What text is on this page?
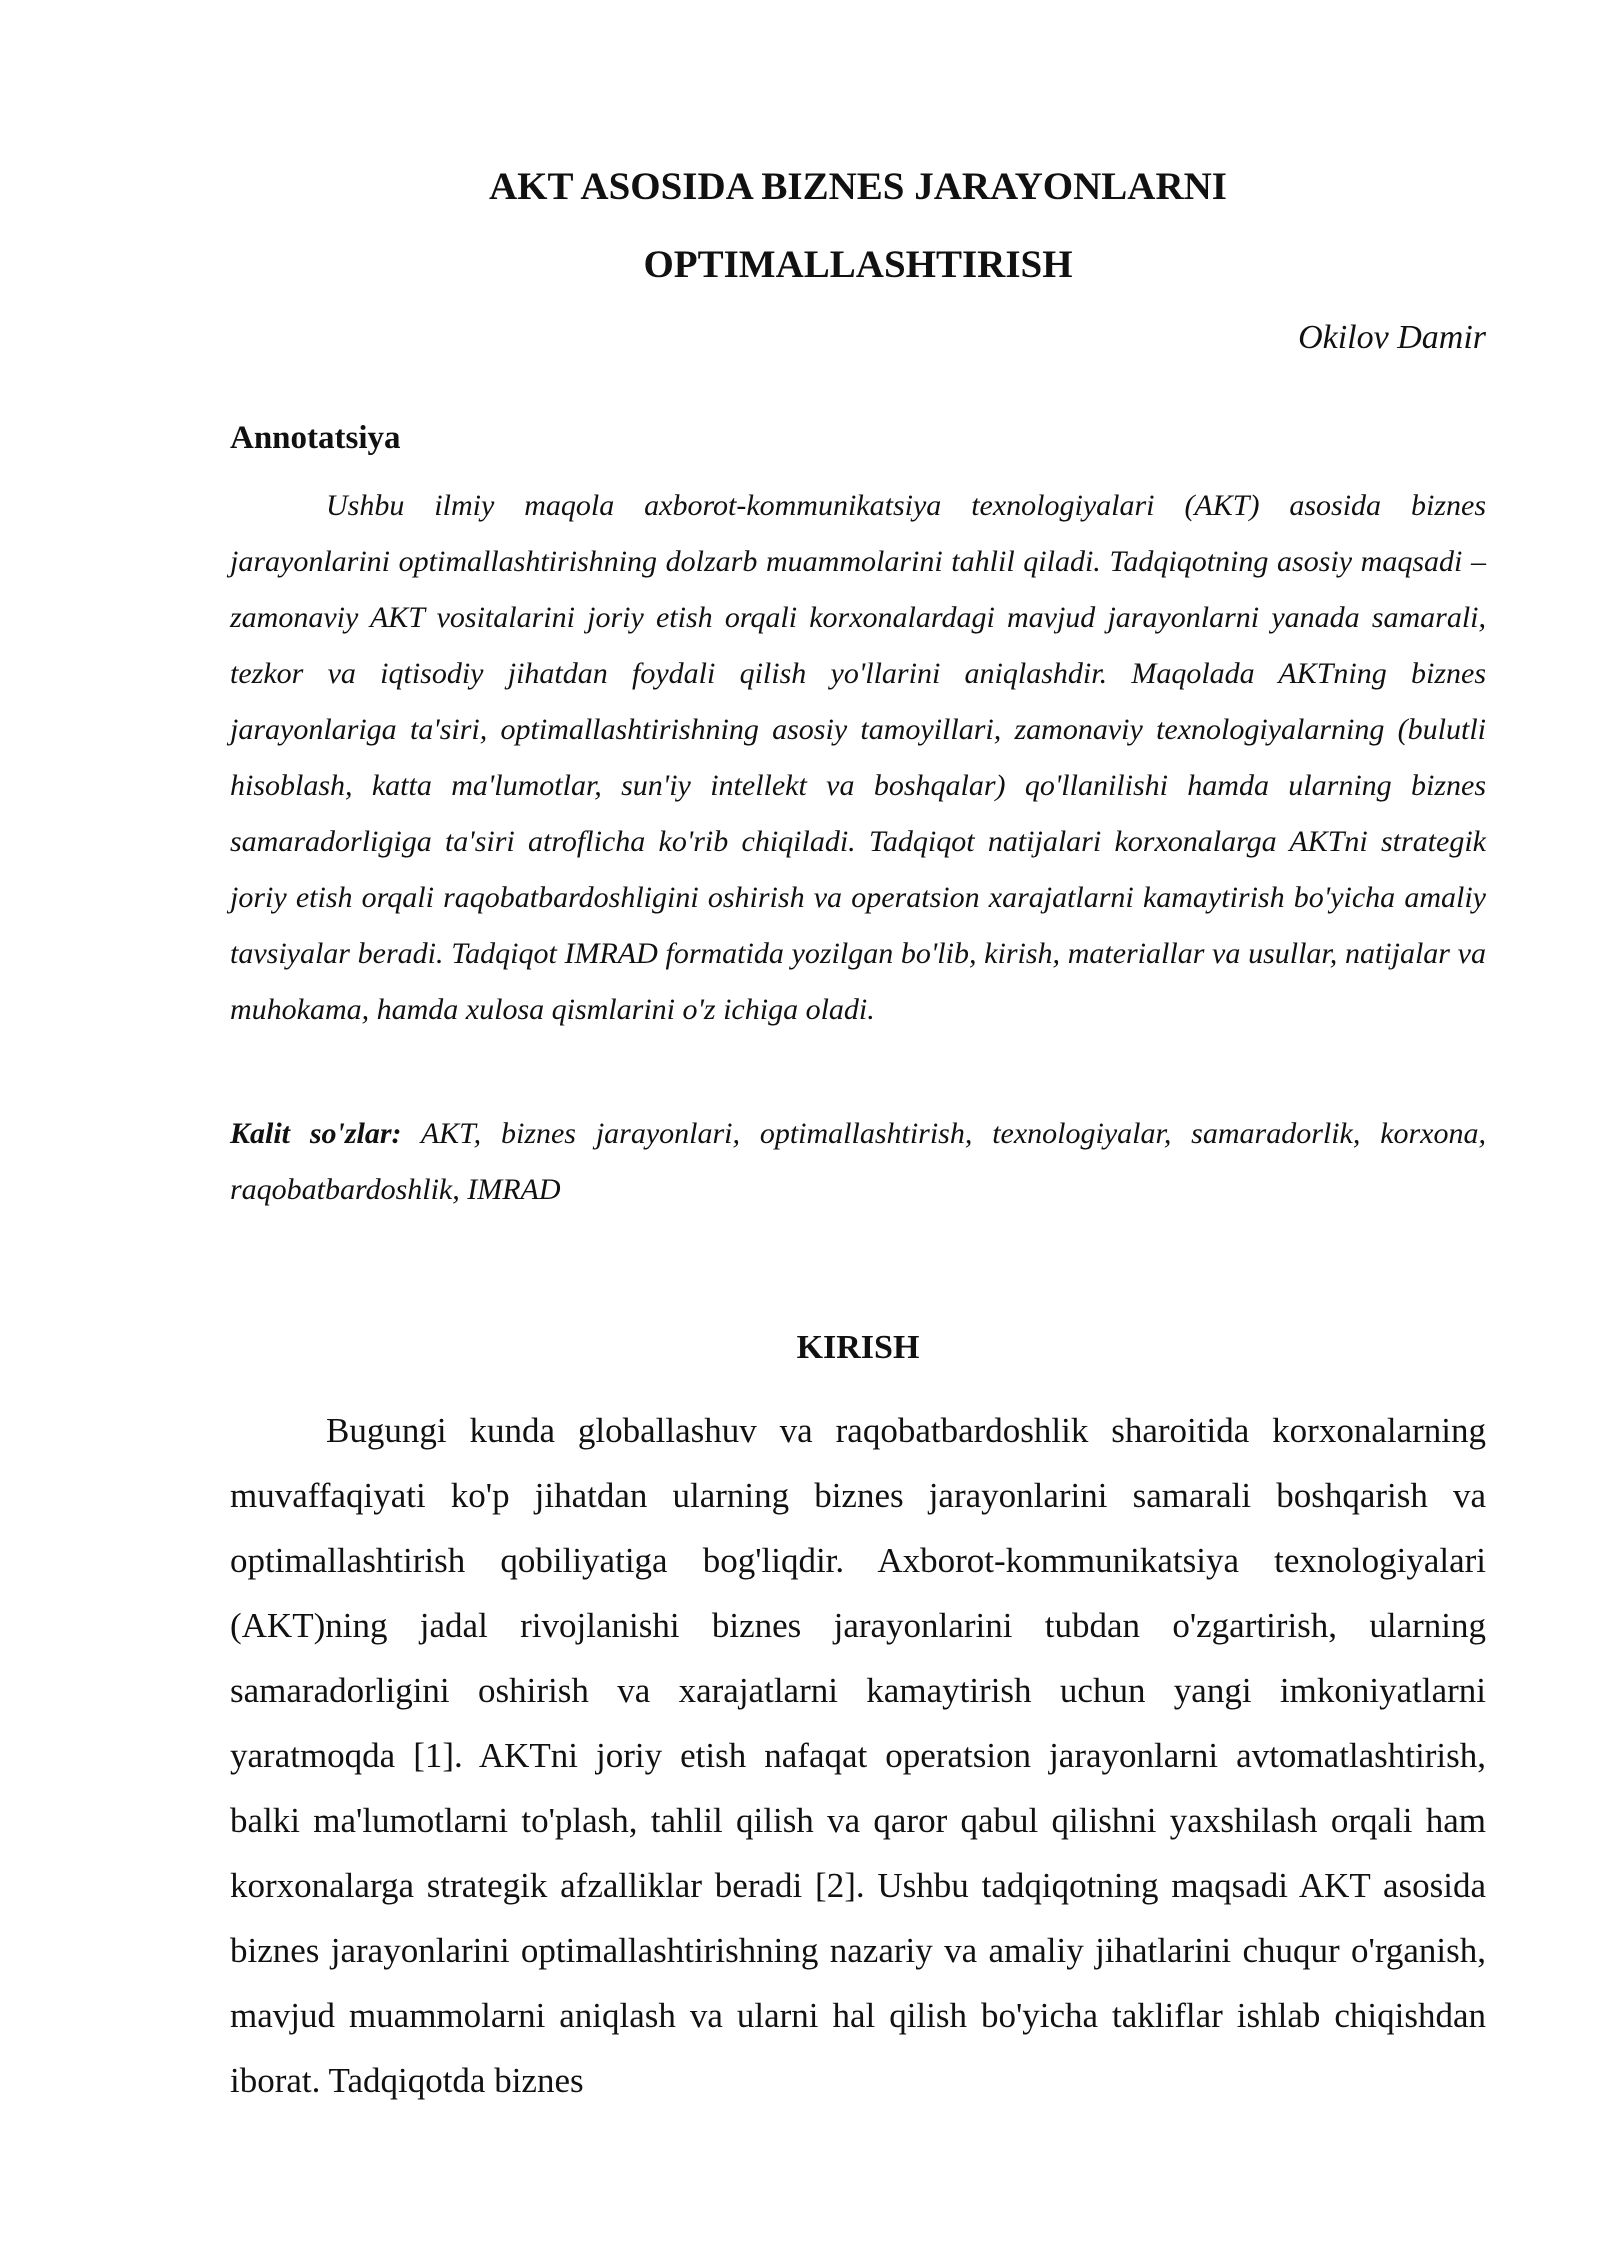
AKT ASOSIDA BIZNES JARAYONLARNI
OPTIMALLASHTIRISH

Okilov Damir

Annotatsiya

Ushbu ilmiy maqola axborot-kommunikatsiya texnologiyalari (AKT) asosida biznes jarayonlarini optimallashtirishning dolzarb muammolarini tahlil qiladi. Tadqiqotning asosiy maqsadi – zamonaviy AKT vositalarini joriy etish orqali korxonalardagi mavjud jarayonlarni yanada samarali, tezkor va iqtisodiy jihatdan foydali qilish yo'llarini aniqlashdir. Maqolada AKTning biznes jarayonlariga ta'siri, optimallashtirishning asosiy tamoyillari, zamonaviy texnologiyalarning (bulutli hisoblash, katta ma'lumotlar, sun'iy intellekt va boshqalar) qo'llanilishi hamda ularning biznes samaradorligiga ta'siri atroflicha ko'rib chiqiladi. Tadqiqot natijalari korxonalarga AKTni strategik joriy etish orqali raqobatbardoshligini oshirish va operatsion xarajatlarni kamaytirish bo'yicha amaliy tavsiyalar beradi. Tadqiqot IMRAD formatida yozilgan bo'lib, kirish, materiallar va usullar, natijalar va muhokama, hamda xulosa qismlarini o'z ichiga oladi.

Kalit so'zlar: AKT, biznes jarayonlari, optimallashtirish, texnologiyalar, samaradorlik, korxona, raqobatbardoshlik, IMRAD

KIRISH

Bugungi kunda globallashuv va raqobatbardoshlik sharoitida korxonalarning muvaffaqiyati ko'p jihatdan ularning biznes jarayonlarini samarali boshqarish va optimallashtirish qobiliyatiga bog'liqdir. Axborot-kommunikatsiya texnologiyalari (AKT)ning jadal rivojlanishi biznes jarayonlarini tubdan o'zgartirish, ularning samaradorligini oshirish va xarajatlarni kamaytirish uchun yangi imkoniyatlarni yaratmoqda [1]. AKTni joriy etish nafaqat operatsion jarayonlarni avtomatlashtirish, balki ma'lumotlarni to'plash, tahlil qilish va qaror qabul qilishni yaxshilash orqali ham korxonalarga strategik afzalliklar beradi [2]. Ushbu tadqiqotning maqsadi AKT asosida biznes jarayonlarini optimallashtirishning nazariy va amaliy jihatlarini chuqur o'rganish, mavjud muammolarni aniqlash va ularni hal qilish bo'yicha takliflar ishlab chiqishdan iborat. Tadqiqotda biznes
